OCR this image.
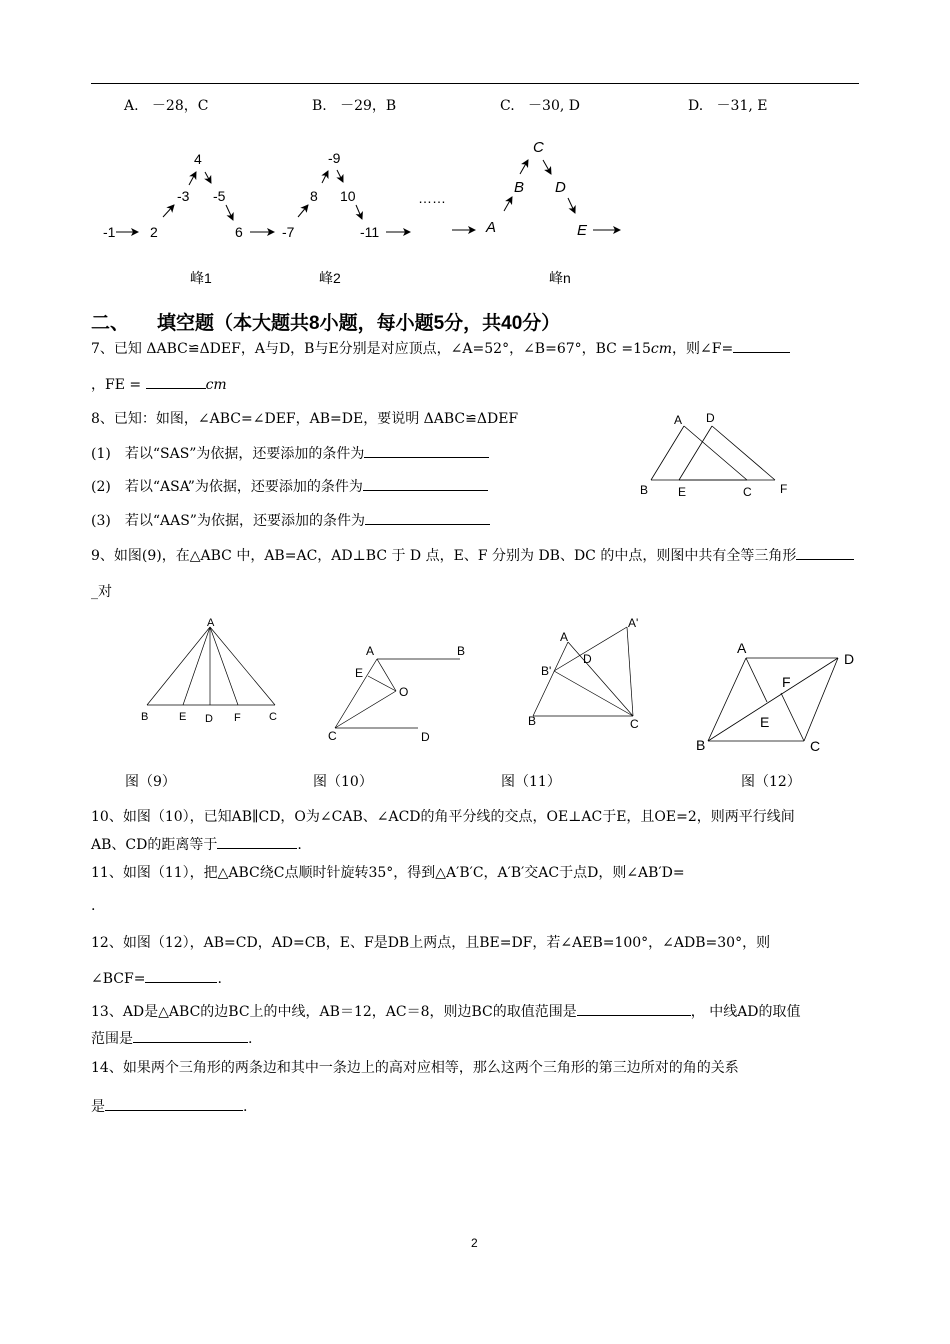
A. －28，C	B. －29，B	C. －30, D	D. －31, E
-1 2
-3
4
-5
6	-7
8
-9
10
-11
……
A
B
C
D
E
峰1	峰2	峰n
二、 填空题（本大题共8小题，每小题5分，共40分）
7、已知 ΔABC≌ΔDEF，A与D，B与E分别是对应顶点，∠A=52°，∠B=67°，BC =15cm，则∠F=
，FE =	cm
8、已知：如图，∠ABC=∠DEF，AB=DE，要说明 ΔABC≌ΔDEF
(1)　若以“SAS”为依据，还要添加的条件为
(2)　若以“ASA”为依据，还要添加的条件为
(3)　若以“AAS”为依据，还要添加的条件为
A D
B E	C F
9、如图(9)，在△ABC 中，AB=AC，AD⊥BC 于 D 点，E、F 分别为 DB、DC 的中点，则图中共有全等三角形
_对
A
B	E D F	C
A	B
E
O
C	D
A
A'
D
B'
B	C
A
D
F
E
B	C
图（9）	图（10）	图（11）	图（12）
10、如图（10），已知AB∥CD，O为∠CAB、∠ACD的角平分线的交点，OE⊥AC于E，且OE=2，则两平行线间
AB、CD的距离等于	.
11、如图（11），把△ABC绕C点顺时针旋转35°，得到△A′B′C，A′B′交AC于点D，则∠AB′D=
.
12、如图（12），AB=CD，AD=CB，E、F是DB上两点，且BE=DF，若∠AEB=100°，∠ADB=30°，则
∠BCF=	.
13、AD是△ABC的边BC上的中线，AB＝12，AC＝8，则边BC的取值范围是	， 中线AD的取值
范围是	.
14、如果两个三角形的两条边和其中一条边上的高对应相等，那么这两个三角形的第三边所对的角的关系
是	.
2
